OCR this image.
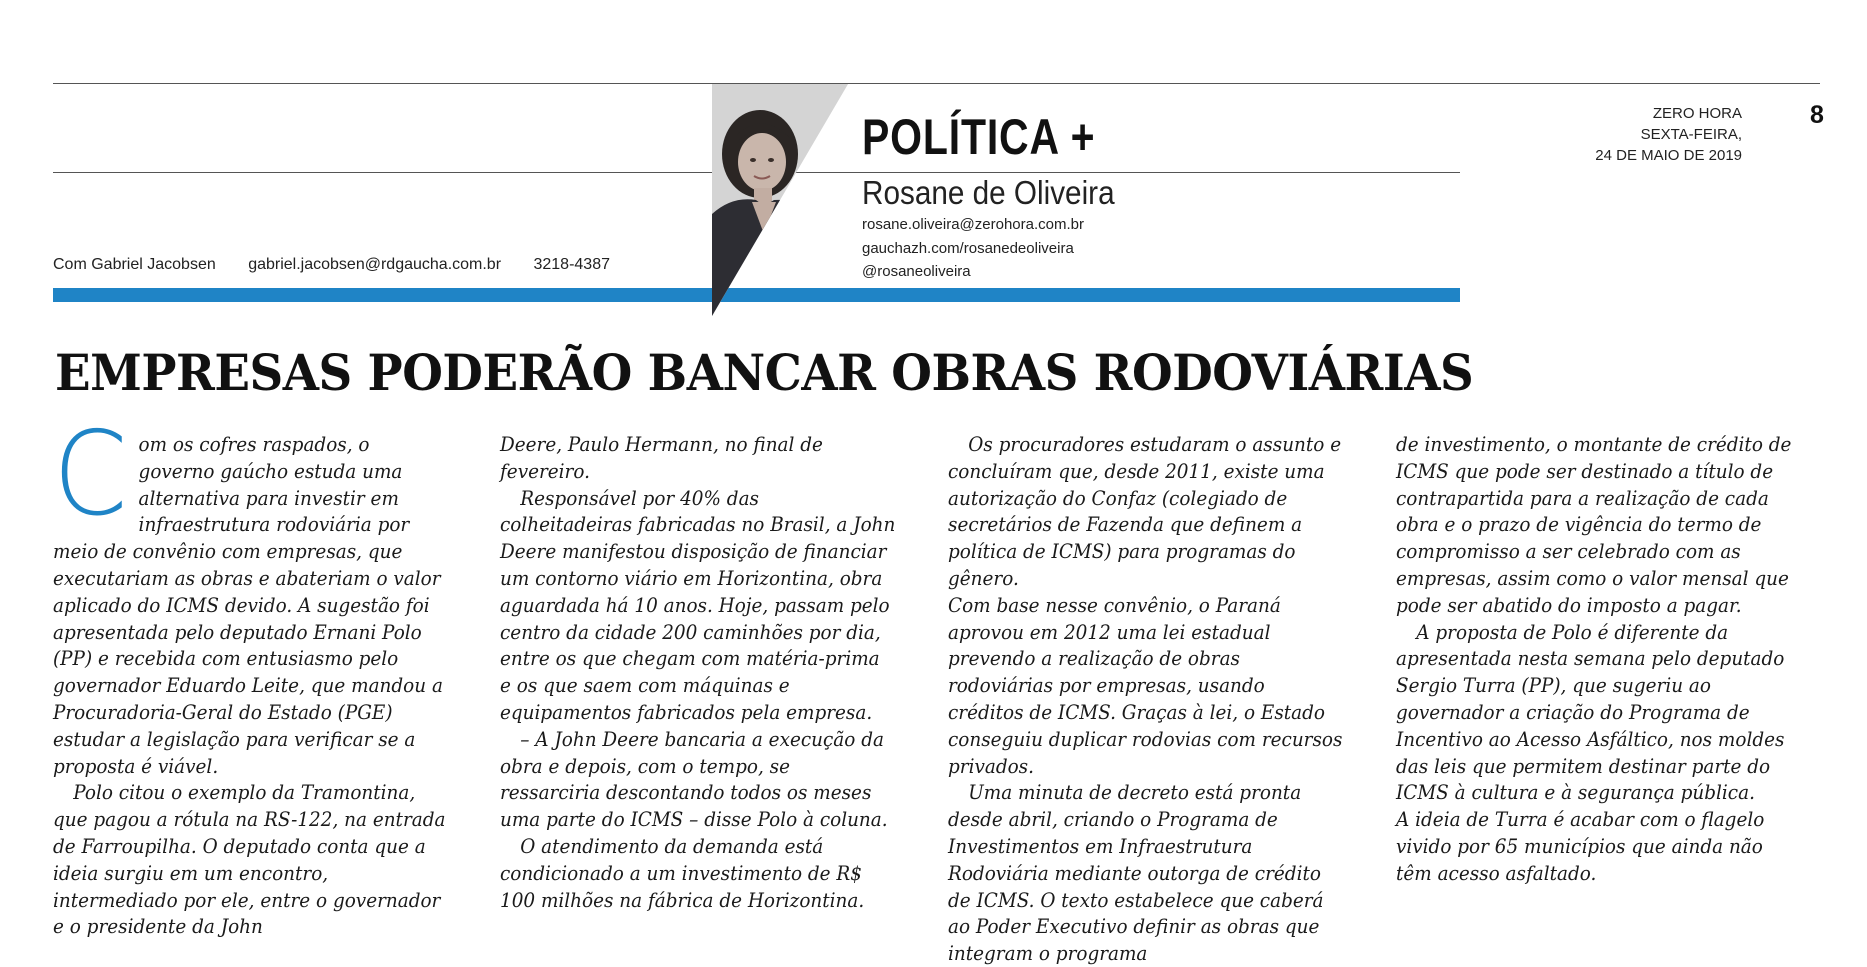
Com Gabriel Jacobsen gabriel.jacobsen@rdgaucha.com.br 3218-4387
POLÍTICA +
Rosane de Oliveira
rosane.oliveira@zerohora.com.br
gauchazh.com/rosanedeoliveira
@rosaneoliveira
ZERO HORA
SEXTA-FEIRA,
24 DE MAIO DE 2019
8
EMPRESAS PODERÃO BANCAR OBRAS RODOVIÁRIAS

Com os cofres raspados, o governo gaúcho estuda uma alternativa para investir em infraestrutura rodoviária por meio de convênio com empresas, que executariam as obras e abateriam o valor aplicado do ICMS devido. A sugestão foi apresentada pelo deputado Ernani Polo (PP) e recebida com entusiasmo pelo governador Eduardo Leite, que mandou a Procuradoria-Geral do Estado (PGE) estudar a legislação para verificar se a proposta é viável.

Polo citou o exemplo da Tramontina, que pagou a rótula na RS-122, na entrada de Farroupilha. O deputado conta que a ideia surgiu em um encontro, intermediado por ele, entre o governador e o presidente da John

Deere, Paulo Hermann, no final de fevereiro.

Responsável por 40% das colheitadeiras fabricadas no Brasil, a John Deere manifestou disposição de financiar um contorno viário em Horizontina, obra aguardada há 10 anos. Hoje, passam pelo centro da cidade 200 caminhões por dia, entre os que chegam com matéria-prima e os que saem com máquinas e equipamentos fabricados pela empresa.

– A John Deere bancaria a execução da obra e depois, com o tempo, se ressarciria descontando todos os meses uma parte do ICMS – disse Polo à coluna.

O atendimento da demanda está condicionado a um investimento de R$ 100 milhões na fábrica de Horizontina.

Os procuradores estudaram o assunto e concluíram que, desde 2011, existe uma autorização do Confaz (colegiado de secretários de Fazenda que definem a política de ICMS) para programas do gênero.

Com base nesse convênio, o Paraná aprovou em 2012 uma lei estadual prevendo a realização de obras rodoviárias por empresas, usando créditos de ICMS. Graças à lei, o Estado conseguiu duplicar rodovias com recursos privados.

Uma minuta de decreto está pronta desde abril, criando o Programa de Investimentos em Infraestrutura Rodoviária mediante outorga de crédito de ICMS. O texto estabelece que caberá ao Poder Executivo definir as obras que integram o programa

de investimento, o montante de crédito de ICMS que pode ser destinado a título de contrapartida para a realização de cada obra e o prazo de vigência do termo de compromisso a ser celebrado com as empresas, assim como o valor mensal que pode ser abatido do imposto a pagar.

A proposta de Polo é diferente da apresentada nesta semana pelo deputado Sergio Turra (PP), que sugeriu ao governador a criação do Programa de Incentivo ao Acesso Asfáltico, nos moldes das leis que permitem destinar parte do ICMS à cultura e à segurança pública.

A ideia de Turra é acabar com o flagelo vivido por 65 municípios que ainda não têm acesso asfaltado.
